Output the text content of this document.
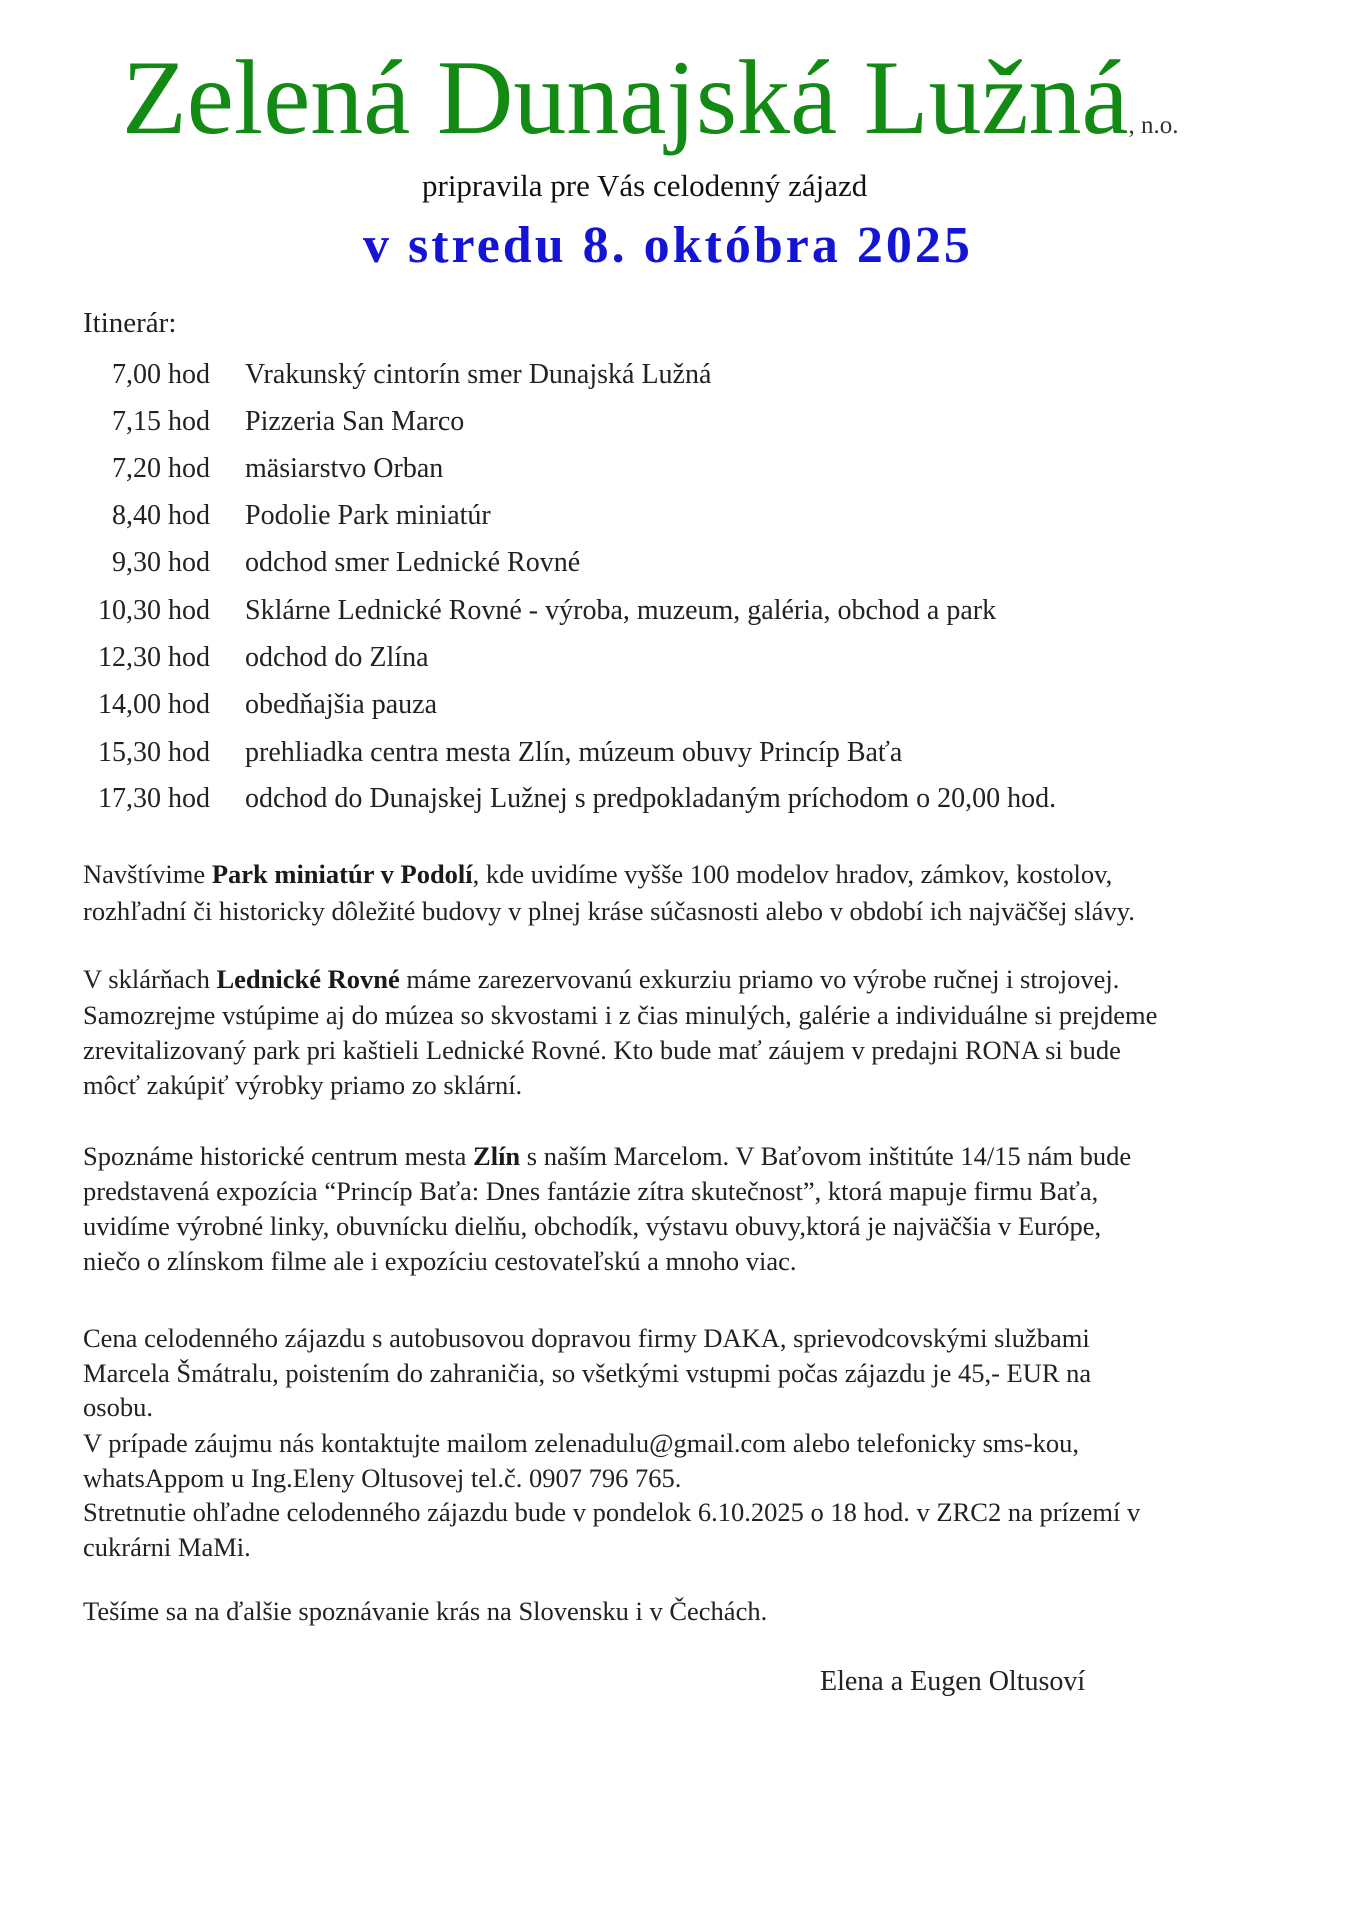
Zelená Dunajská Lužná, n.o.
pripravila pre Vás celodenný zájazd
v stredu 8. októbra 2025
Itinerár:
7,00 hod Vrakunský cintorín smer Dunajská Lužná
7,15 hod Pizzeria San Marco
7,20 hod mäsiarstvo Orban
8,40 hod Podolie Park miniatúr
9,30 hod odchod smer Lednické Rovné
10,30 hod Sklárne Lednické Rovné - výroba, muzeum, galéria, obchod a park
12,30 hod odchod do Zlína
14,00 hod obedňajšia pauza
15,30 hod prehliadka centra mesta Zlín, múzeum obuvy Princíp Baťa
17,30 hod odchod do Dunajskej Lužnej s predpokladaným príchodom o 20,00 hod.
Navštívime Park miniatúr v Podolí, kde uvidíme vyšše 100 modelov hradov, zámkov, kostolov,
rozhľadní či historicky dôležité budovy v plnej kráse súčasnosti alebo v období ich najväčšej slávy.
V sklárňach Lednické Rovné máme zarezervovanú exkurziu priamo vo výrobe ručnej i strojovej.
Samozrejme vstúpime aj do múzea so skvostami i z čias minulých, galérie a individuálne si prejdeme
zrevitalizovaný park pri kaštieli Lednické Rovné. Kto bude mať záujem v predajni RONA si bude
môcť zakúpiť výrobky priamo zo sklární.
Spoznáme historické centrum mesta Zlín s naším Marcelom. V Baťovom inštitúte 14/15 nám bude
predstavená expozícia “Princíp Baťa: Dnes fantázie zítra skutečnost”, ktorá mapuje firmu Baťa,
uvidíme výrobné linky, obuvnícku dielňu, obchodík, výstavu obuvy,ktorá je najväčšia v Európe,
niečo o zlínskom filme ale i expozíciu cestovateľskú a mnoho viac.
Cena celodenného zájazdu s autobusovou dopravou firmy DAKA, sprievodcovskými službami
Marcela Šmátralu, poistením do zahraničia, so všetkými vstupmi počas zájazdu je 45,- EUR na
osobu.
V prípade záujmu nás kontaktujte mailom zelenadulu@gmail.com alebo telefonicky sms-kou,
whatsAppom u Ing.Eleny Oltusovej tel.č. 0907 796 765.
Stretnutie ohľadne celodenného zájazdu bude v pondelok 6.10.2025 o 18 hod. v ZRC2 na prízemí v
cukrárni MaMi.
Tešíme sa na ďalšie spoznávanie krás na Slovensku i v Čechách.
Elena a Eugen Oltusoví
